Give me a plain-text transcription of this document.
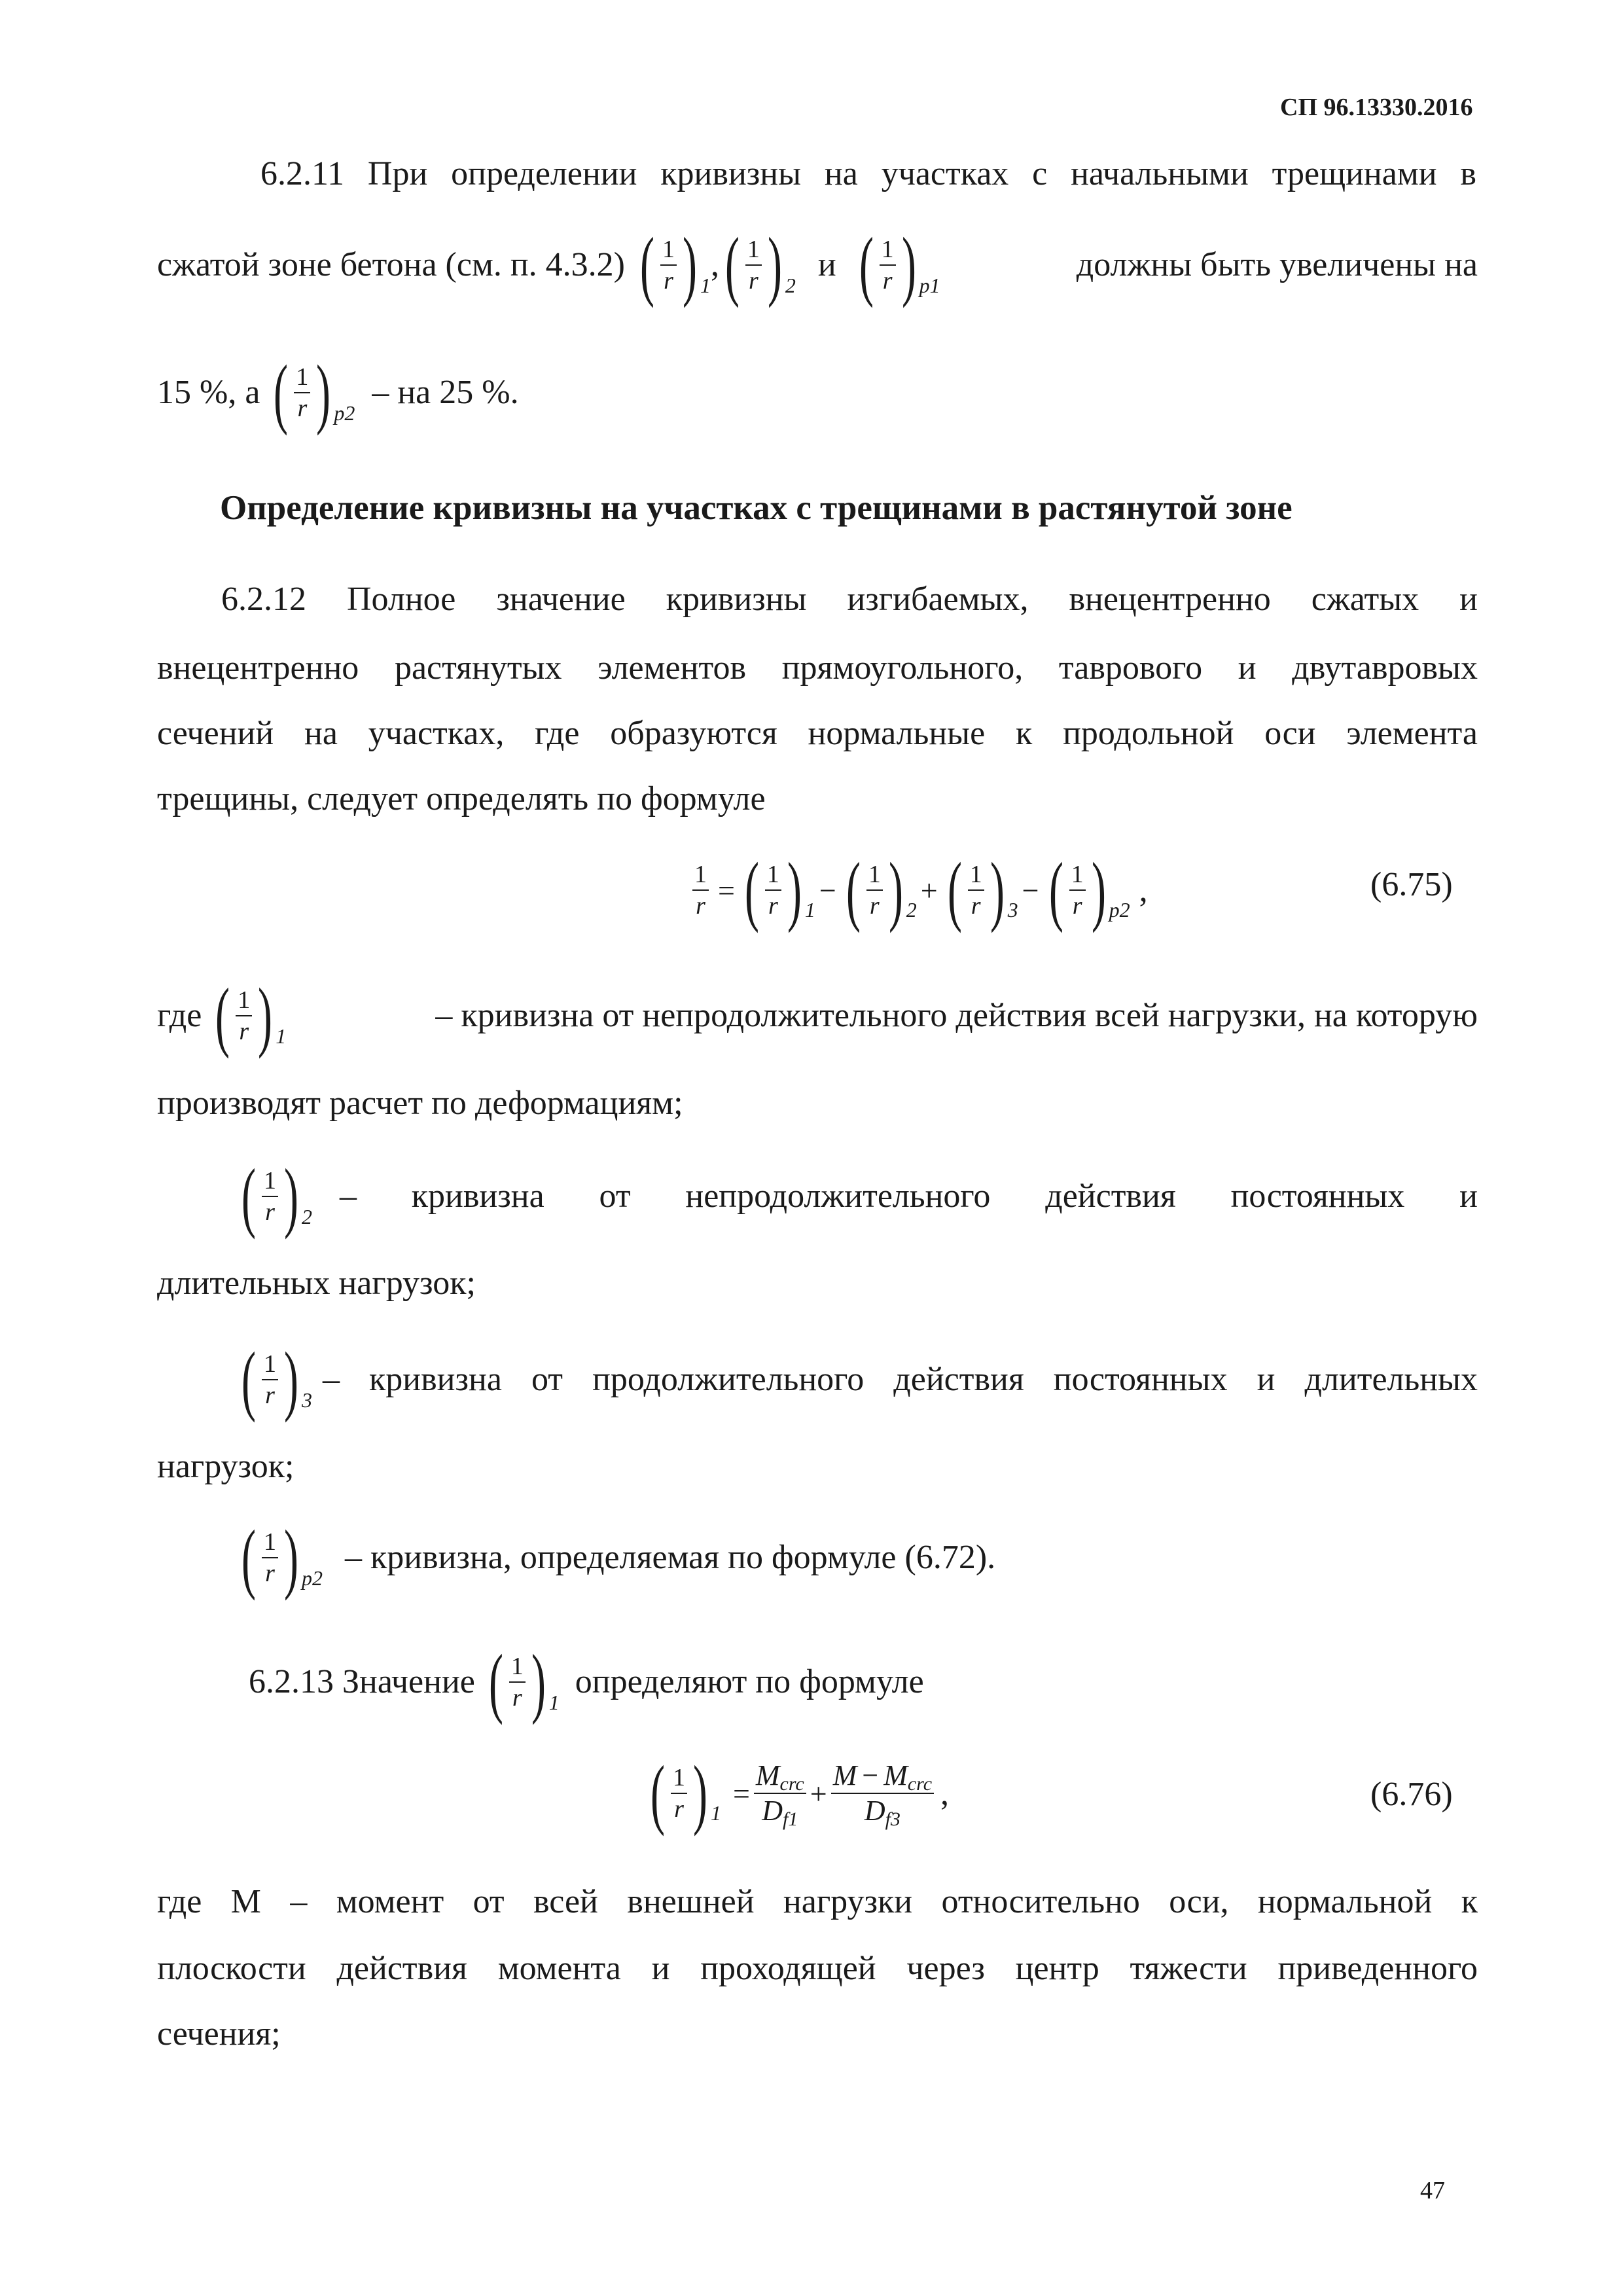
СП 96.13330.2016
6.2.11 При определении кривизны на участках с начальными трещинами в
сжатой зоне бетона (см. п. 4.3.2) ( $\frac{1}{r}$ ) $_1$
, ( $\frac{1}{r}$ ) $_2$
и ( $\frac{1}{r}$ ) $_{p1}$
должны быть увеличены на
15 %, а ( $\frac{1}{r}$ ) $_{p2}$
– на 25 %.
Определение кривизны на участках с трещинами в растянутой зоне
6.2.12 Полное значение кривизны изгибаемых, внецентренно сжатых и
внецентренно растянутых элементов прямоугольного, таврового и двутавровых
сечений на участках, где образуются нормальные к продольной оси элемента
трещины, следует определять по формуле
$\frac{1}{r}$ = ( $\frac{1}{r}$ ) 1
− ( $\frac{1}{r}$ ) 2
+ ( $\frac{1}{r}$ ) 3
− ( $\frac{1}{r}$ ) p2
,	(6.75)
где ( $\frac{1}{r}$ ) $_1$
– кривизна от непродолжительного действия всей нагрузки, на которую
производят расчет по деформациям;
( $\frac{1}{r}$ ) $_2$
– кривизна от непродолжительного действия постоянных и
длительных нагрузок;
( $\frac{1}{r}$ ) $_3$
– кривизна от продолжительного действия постоянных и длительных
нагрузок;
( $\frac{1}{r}$ ) $_{p2}$
– кривизна, определяемая по формуле (6.72).
6.2.13 Значение ( $\frac{1}{r}$ ) $_1$
определяют по формуле
( $\frac{1}{r}$ ) 1
= $\frac{\text{Mcrc}}{Df1} + \frac{\text{M − Mcrc}}{Df3}$ ,	(6.76)
где M – момент от всей внешней нагрузки относительно оси, нормальной к
плоскости действия момента и проходящей через центр тяжести приведенного
сечения;
47
